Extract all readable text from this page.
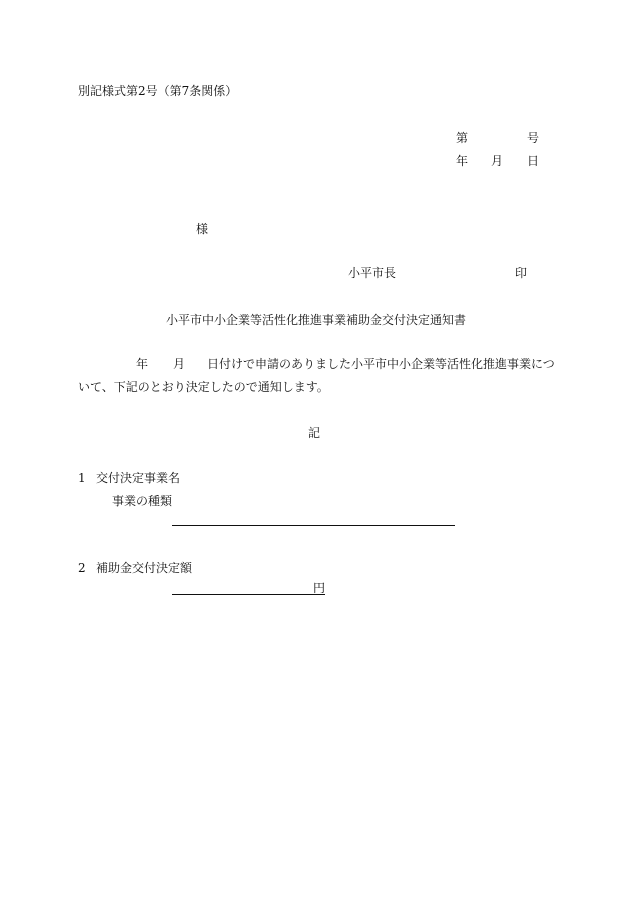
別記様式第2号（第7条関係）
第	号
年 月 日
様
小平市長	印
小平市中小企業等活性化推進事業補助金交付決定通知書
年 月 日付けで申請のありました小平市中小企業等活性化推進事業につ
いて、下記のとおり決定したので通知します。
記
1 交付決定事業名
事業の種類
2 補助金交付決定額
円
